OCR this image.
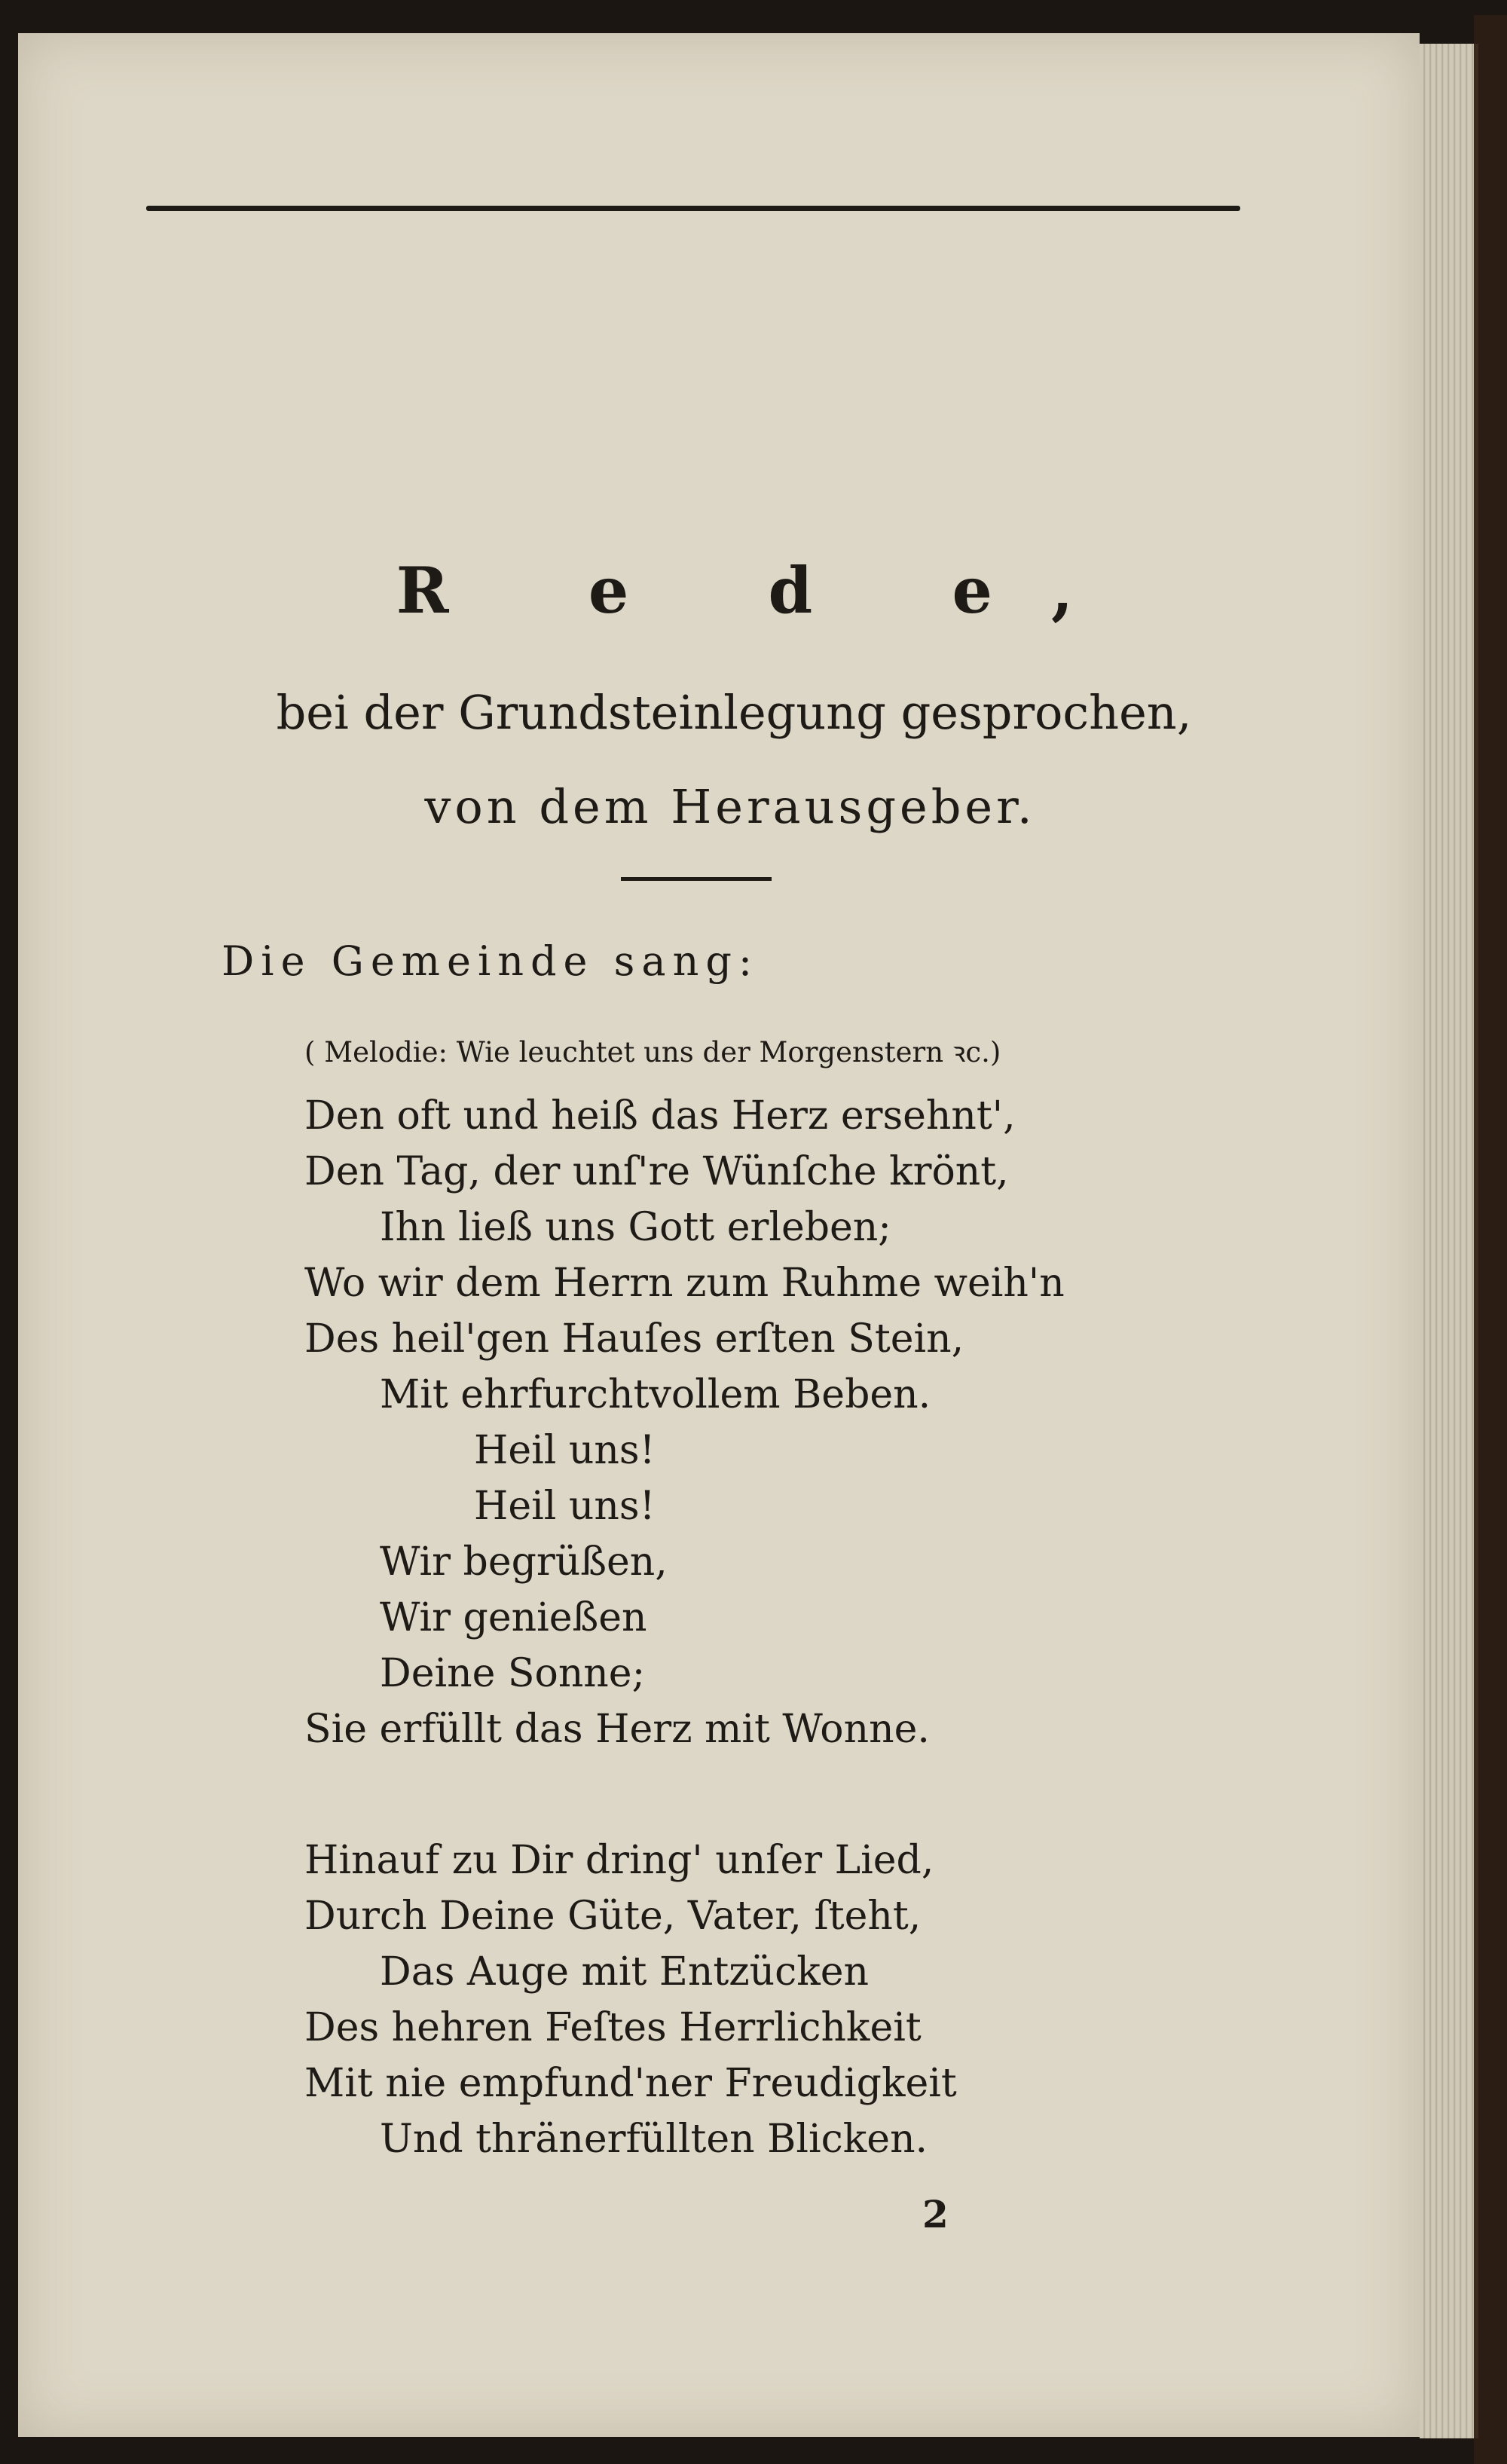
R e d e,
bei der Grundsteinlegung gesprochen,
von dem Herausgeber.
Die Gemeinde sang:
( Melodie: Wie leuchtet uns der Morgenstern ꝛc.)
Den oft und heiß das Herz ersehnt',
Den Tag, der unſ're Wünſche krönt,
Ihn ließ uns Gott erleben;
Wo wir dem Herrn zum Ruhme weih'n
Des heil'gen Hauſes erſten Stein,
Mit ehrfurchtvollem Beben.
Heil uns!
Heil uns!
Wir begrüßen,
Wir genießen
Deine Sonne;
Sie erfüllt das Herz mit Wonne.
Hinauf zu Dir dring' unſer Lied,
Durch Deine Güte, Vater, ſteht,
Das Auge mit Entzücken
Des hehren Feſtes Herrlichkeit
Mit nie empfund'ner Freudigkeit
Und thränerfüllten Blicken.
2
